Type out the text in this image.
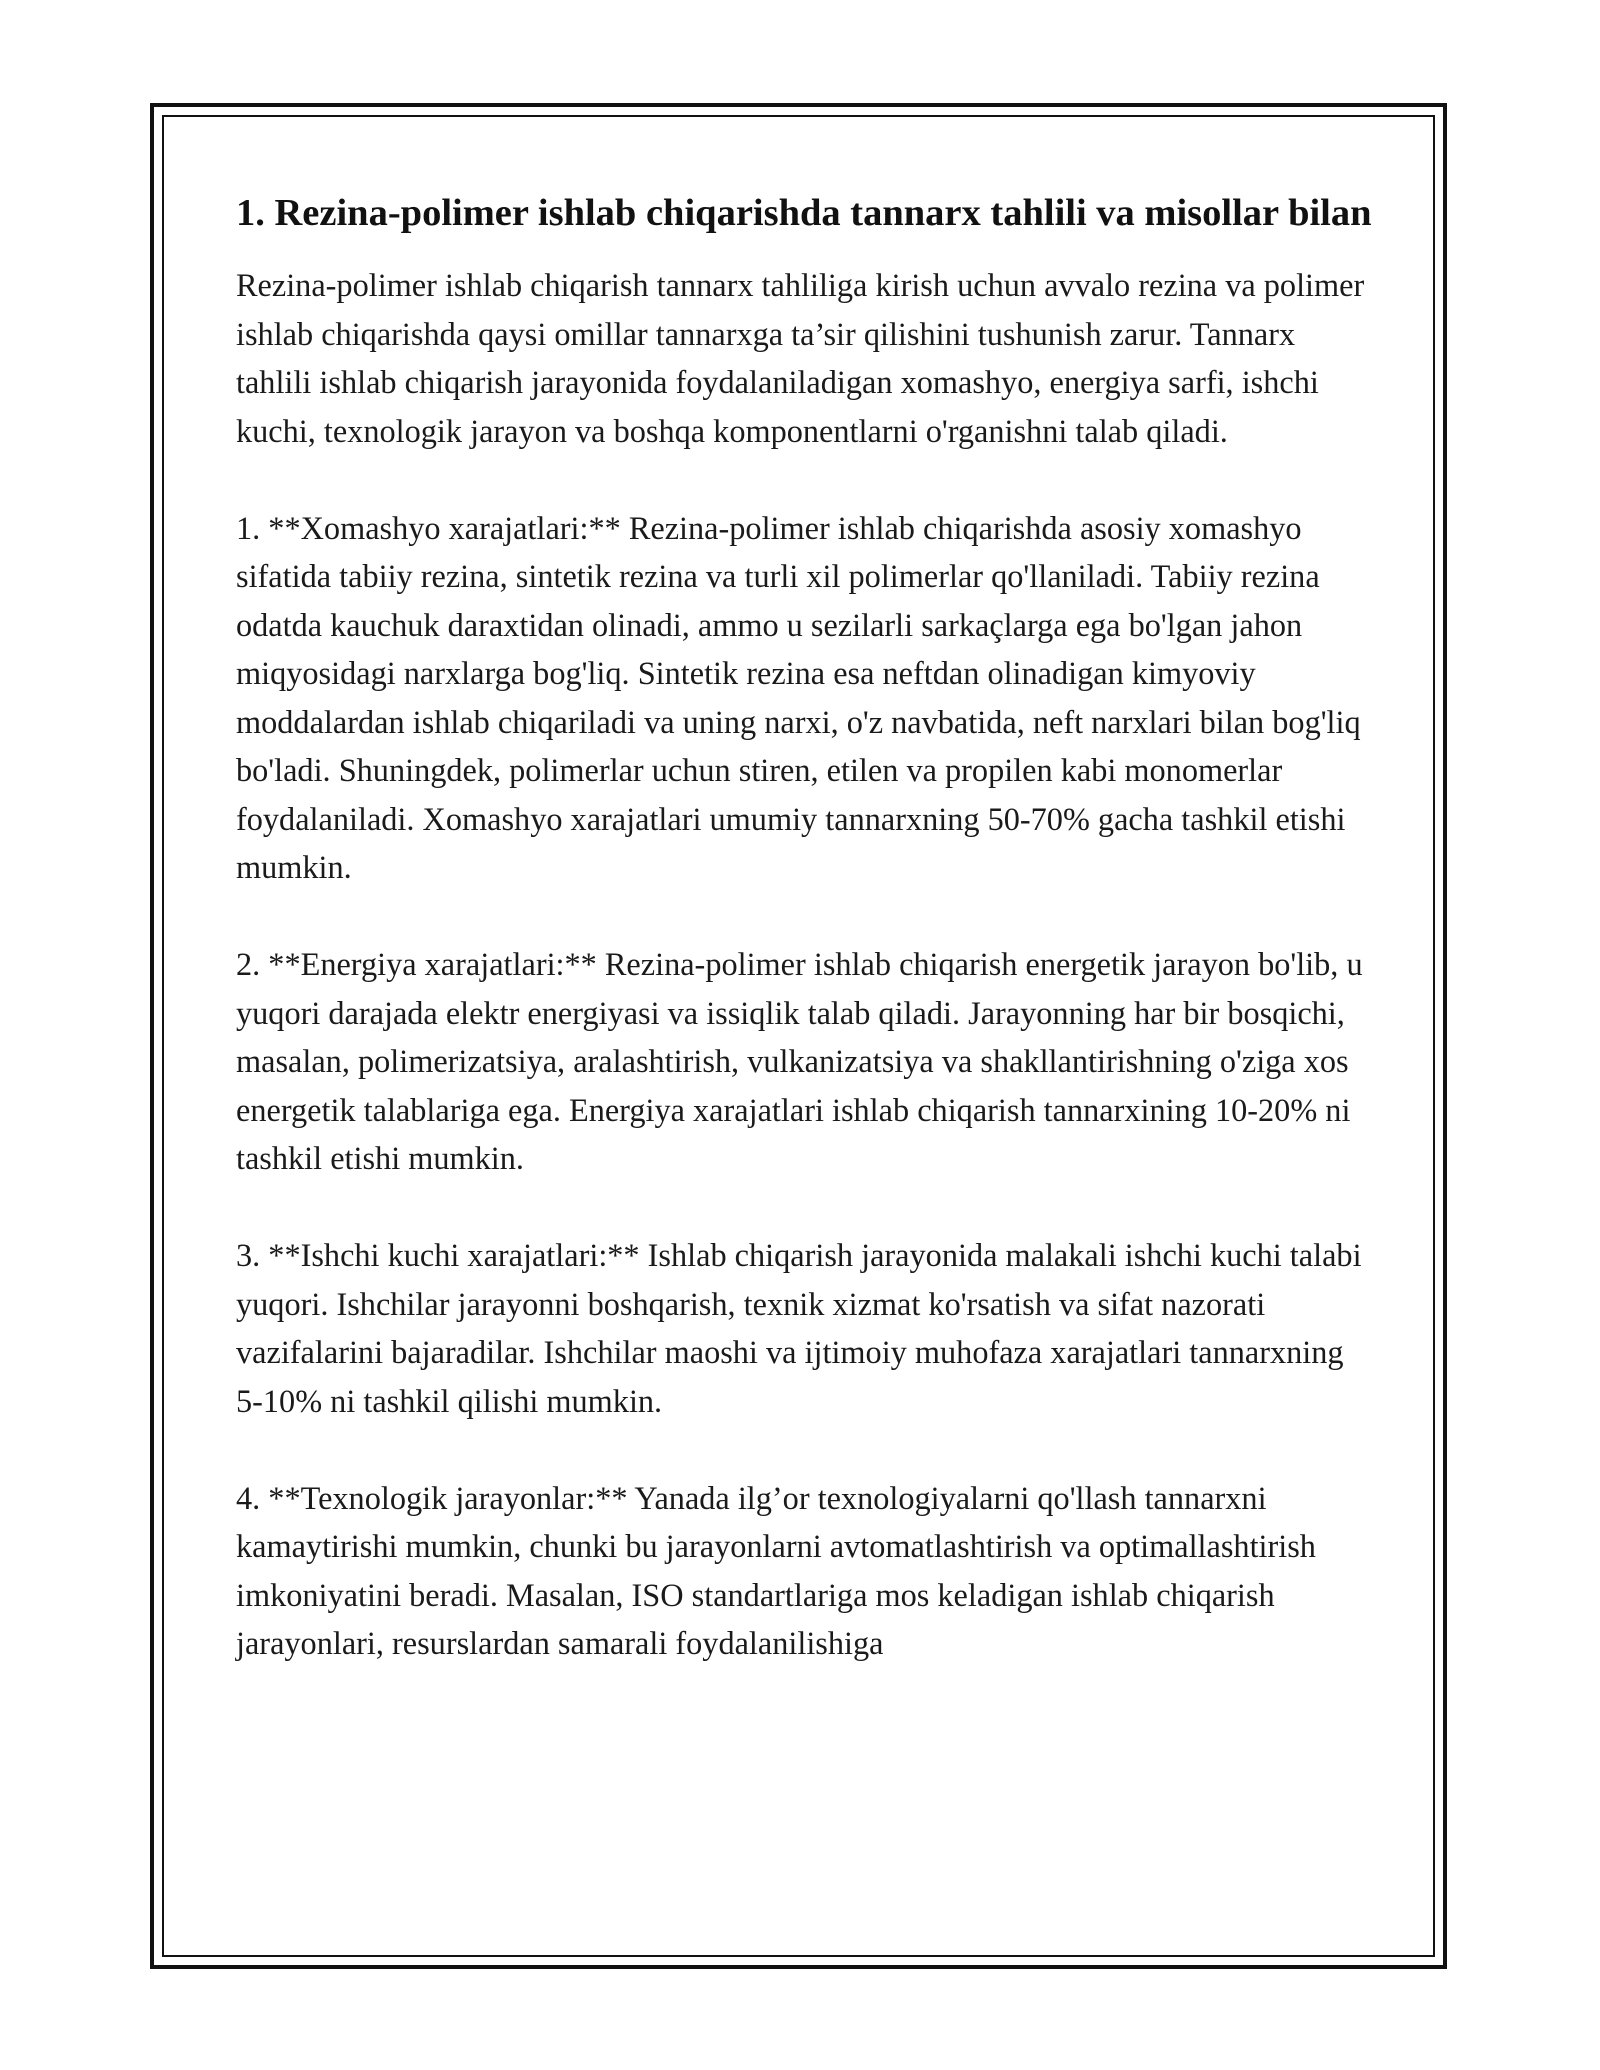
1. Rezina-polimer ishlab chiqarishda tannarx tahlili va misollar bilan

Rezina-polimer ishlab chiqarish tannarx tahliliga kirish uchun avvalo rezina va polimer ishlab chiqarishda qaysi omillar tannarxga ta’sir qilishini tushunish zarur. Tannarx tahlili ishlab chiqarish jarayonida foydalaniladigan xomashyo, energiya sarfi, ishchi kuchi, texnologik jarayon va boshqa komponentlarni o'rganishni talab qiladi.

1. **Xomashyo xarajatlari:** Rezina-polimer ishlab chiqarishda asosiy xomashyo sifatida tabiiy rezina, sintetik rezina va turli xil polimerlar qo'llaniladi. Tabiiy rezina odatda kauchuk daraxtidan olinadi, ammo u sezilarli sarkaçlarga ega bo'lgan jahon miqyosidagi narxlarga bog'liq. Sintetik rezina esa neftdan olinadigan kimyoviy moddalardan ishlab chiqariladi va uning narxi, o'z navbatida, neft narxlari bilan bog'liq bo'ladi. Shuningdek, polimerlar uchun stiren, etilen va propilen kabi monomerlar foydalaniladi. Xomashyo xarajatlari umumiy tannarxning 50-70% gacha tashkil etishi mumkin.

2. **Energiya xarajatlari:** Rezina-polimer ishlab chiqarish energetik jarayon bo'lib, u yuqori darajada elektr energiyasi va issiqlik talab qiladi. Jarayonning har bir bosqichi, masalan, polimerizatsiya, aralashtirish, vulkanizatsiya va shakllantirishning o'ziga xos energetik talablariga ega. Energiya xarajatlari ishlab chiqarish tannarxining 10-20% ni tashkil etishi mumkin.

3. **Ishchi kuchi xarajatlari:** Ishlab chiqarish jarayonida malakali ishchi kuchi talabi yuqori. Ishchilar jarayonni boshqarish, texnik xizmat ko'rsatish va sifat nazorati vazifalarini bajaradilar. Ishchilar maoshi va ijtimoiy muhofaza xarajatlari tannarxning 5-10% ni tashkil qilishi mumkin.

4. **Texnologik jarayonlar:** Yanada ilg’or texnologiyalarni qo'llash tannarxni kamaytirishi mumkin, chunki bu jarayonlarni avtomatlashtirish va optimallashtirish imkoniyatini beradi. Masalan, ISO standartlariga mos keladigan ishlab chiqarish jarayonlari, resurslardan samarali foydalanilishiga
